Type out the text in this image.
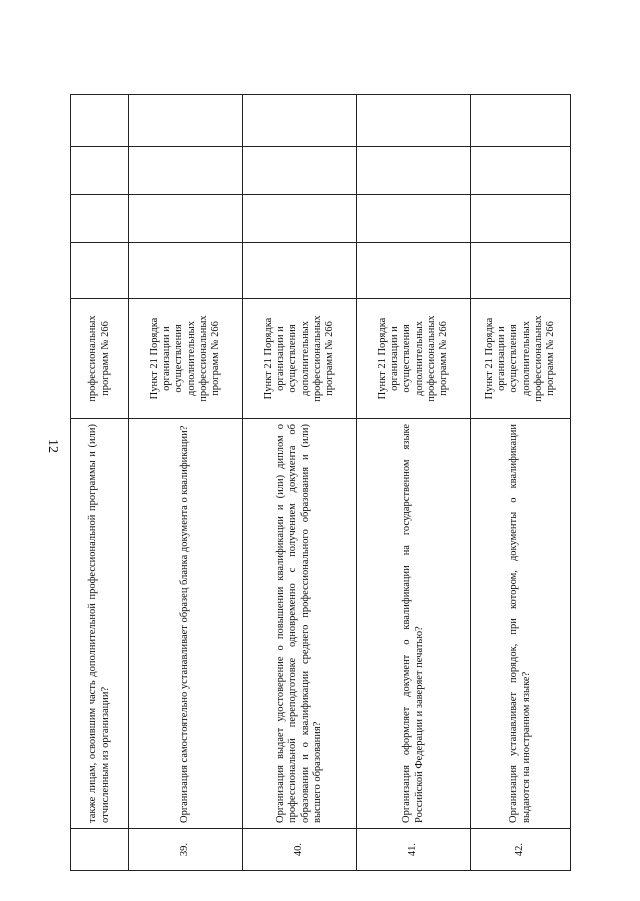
12
		также лицам, освоившим часть дополнительной профессиональной программы и (или) отчисленным из организации?	профессиональных программ № 266				
39.	Организация самостоятельно устанавливает образец бланка документа о квалификации?	Пункт 21 Порядка организации и осуществления дополнительных профессиональных программ № 266				
40.	Организация выдает удостоверение о повышении квалификации и (или) диплом о профессиональной переподготовке одновременно с получением документа об образовании и о квалификации среднего профессионального образования и (или) высшего образования?	Пункт 21 Порядка организации и осуществления дополнительных профессиональных программ № 266				
41.	Организация оформляет документ о квалификации на государственном языке Российской Федерации и заверяет печатью?	Пункт 21 Порядка организации и осуществления дополнительных профессиональных программ № 266				
42.	Организация устанавливает порядок, при котором, документы о квалификации выдаются на иностранном языке?	Пункт 21 Порядка организации и осуществления дополнительных профессиональных программ № 266				
